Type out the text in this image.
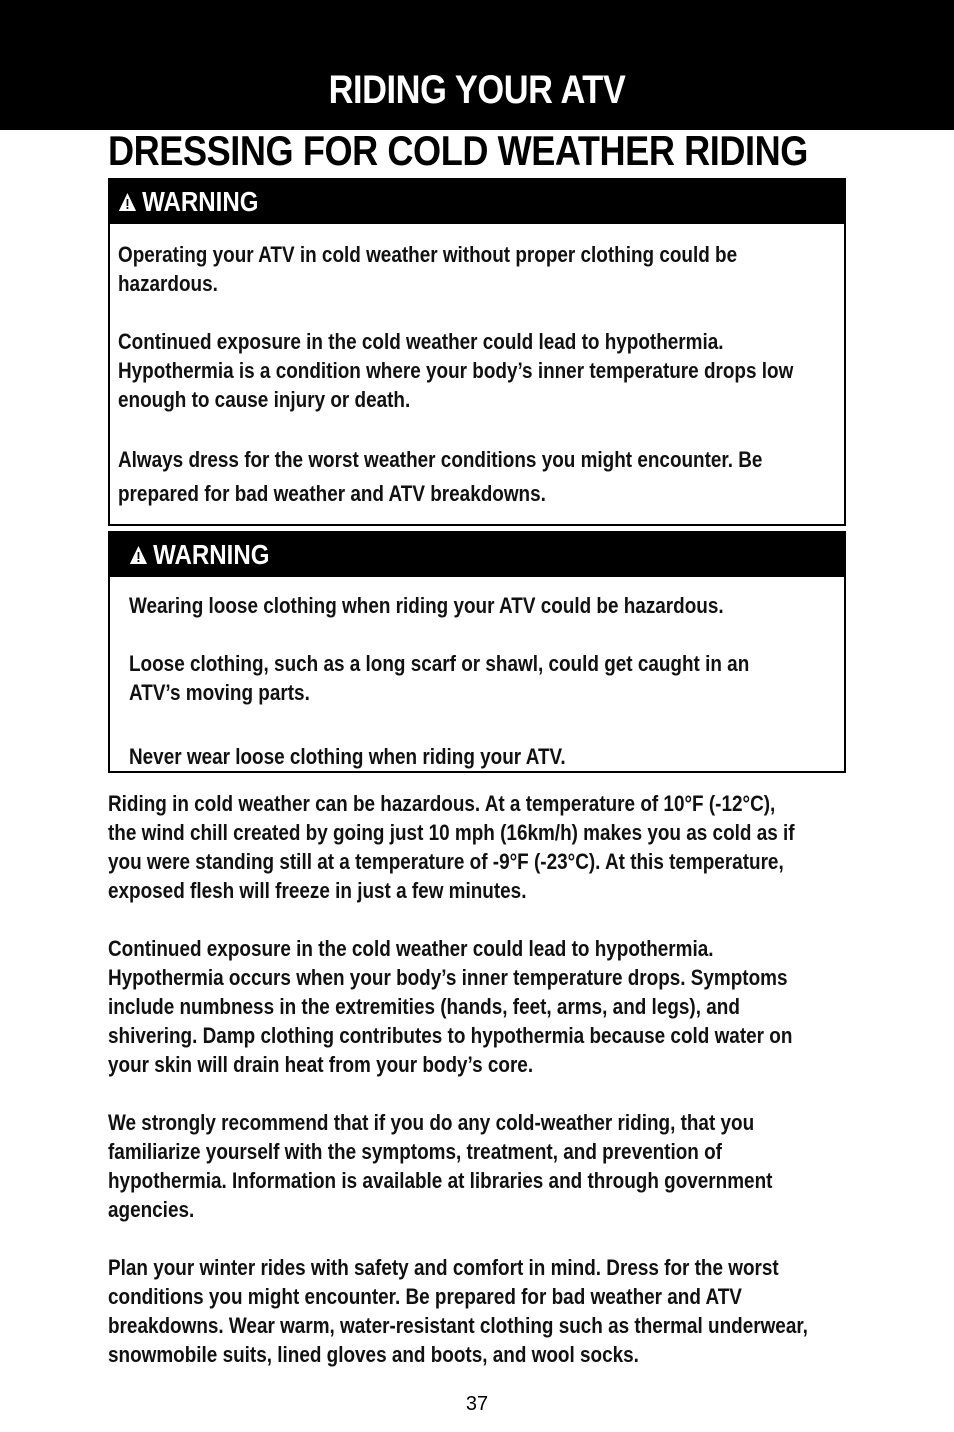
RIDING YOUR ATV
DRESSING FOR COLD WEATHER RIDING
WARNING
Operating your ATV in cold weather without proper clothing could be
hazardous.
Continued exposure in the cold weather could lead to hypothermia.
Hypothermia is a condition where your body’s inner temperature drops low
enough to cause injury or death.
Always dress for the worst weather conditions you might encounter. Be
prepared for bad weather and ATV breakdowns.
WARNING
Wearing loose clothing when riding your ATV could be hazardous.
Loose clothing, such as a long scarf or shawl, could get caught in an
ATV’s moving parts.
Never wear loose clothing when riding your ATV.
Riding in cold weather can be hazardous. At a temperature of 10°F (-12°C),
the wind chill created by going just 10 mph (16km/h) makes you as cold as if
you were standing still at a temperature of -9°F (-23°C). At this temperature,
exposed flesh will freeze in just a few minutes.
Continued exposure in the cold weather could lead to hypothermia.
Hypothermia occurs when your body’s inner temperature drops. Symptoms
include numbness in the extremities (hands, feet, arms, and legs), and
shivering. Damp clothing contributes to hypothermia because cold water on
your skin will drain heat from your body’s core.
We strongly recommend that if you do any cold-weather riding, that you
familiarize yourself with the symptoms, treatment, and prevention of
hypothermia. Information is available at libraries and through government
agencies.
Plan your winter rides with safety and comfort in mind. Dress for the worst
conditions you might encounter. Be prepared for bad weather and ATV
breakdowns. Wear warm, water-resistant clothing such as thermal underwear,
snowmobile suits, lined gloves and boots, and wool socks.
37
